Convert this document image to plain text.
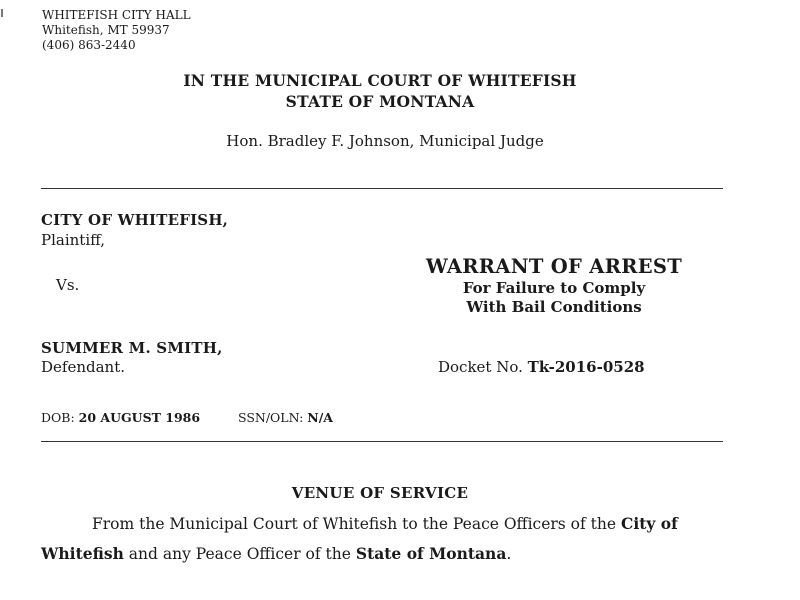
WHITEFISH CITY HALL
Whitefish, MT 59937
(406) 863-2440
IN THE MUNICIPAL COURT OF WHITEFISH
STATE OF MONTANA
Hon. Bradley F. Johnson, Municipal Judge
CITY OF WHITEFISH,
Plaintiff,
Vs.
WARRANT OF ARREST
For Failure to Comply
With Bail Conditions
SUMMER M. SMITH,
Defendant.	Docket No. Tk-2016-0528
DOB: 20 AUGUST 1986	SSN/OLN: N/A
VENUE OF SERVICE
From the Municipal Court of Whitefish to the Peace Officers of the City of
Whitefish and any Peace Officer of the State of Montana.
